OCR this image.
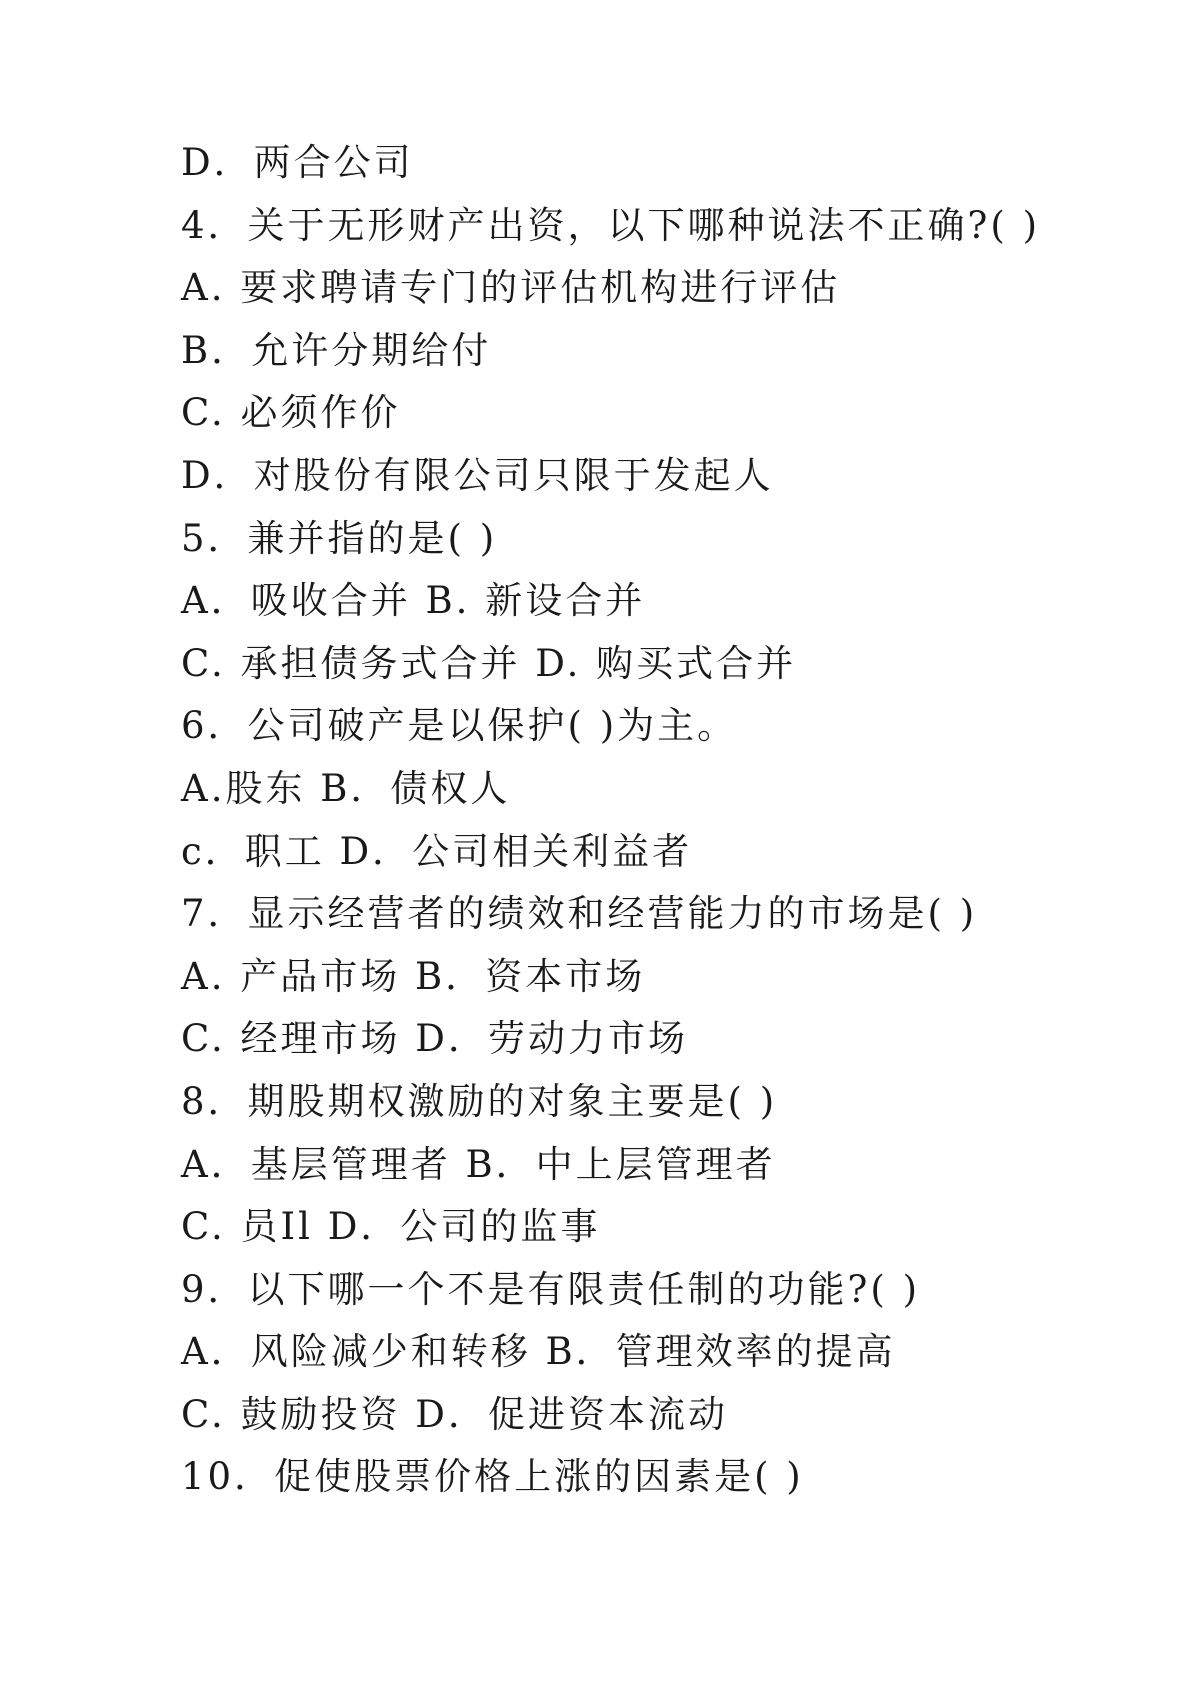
D．两合公司
4．关于无形财产出资，以下哪种说法不正确?( )
A. 要求聘请专门的评估机构进行评估
B．允许分期给付
C. 必须作价
D．对股份有限公司只限于发起人
5．兼并指的是( )
A．吸收合并 B. 新设合并
C. 承担债务式合并 D. 购买式合并
6．公司破产是以保护( )为主。
A.股东 B．债权人
c．职工 D．公司相关利益者
7．显示经营者的绩效和经营能力的市场是( )
A. 产品市场 B．资本市场
C. 经理市场 D．劳动力市场
8．期股期权激励的对象主要是( )
A．基层管理者 B．中上层管理者
C. 员Il D．公司的监事
9．以下哪一个不是有限责任制的功能?( )
A．风险减少和转移 B．管理效率的提高
C. 鼓励投资 D．促进资本流动
10．促使股票价格上涨的因素是( )
